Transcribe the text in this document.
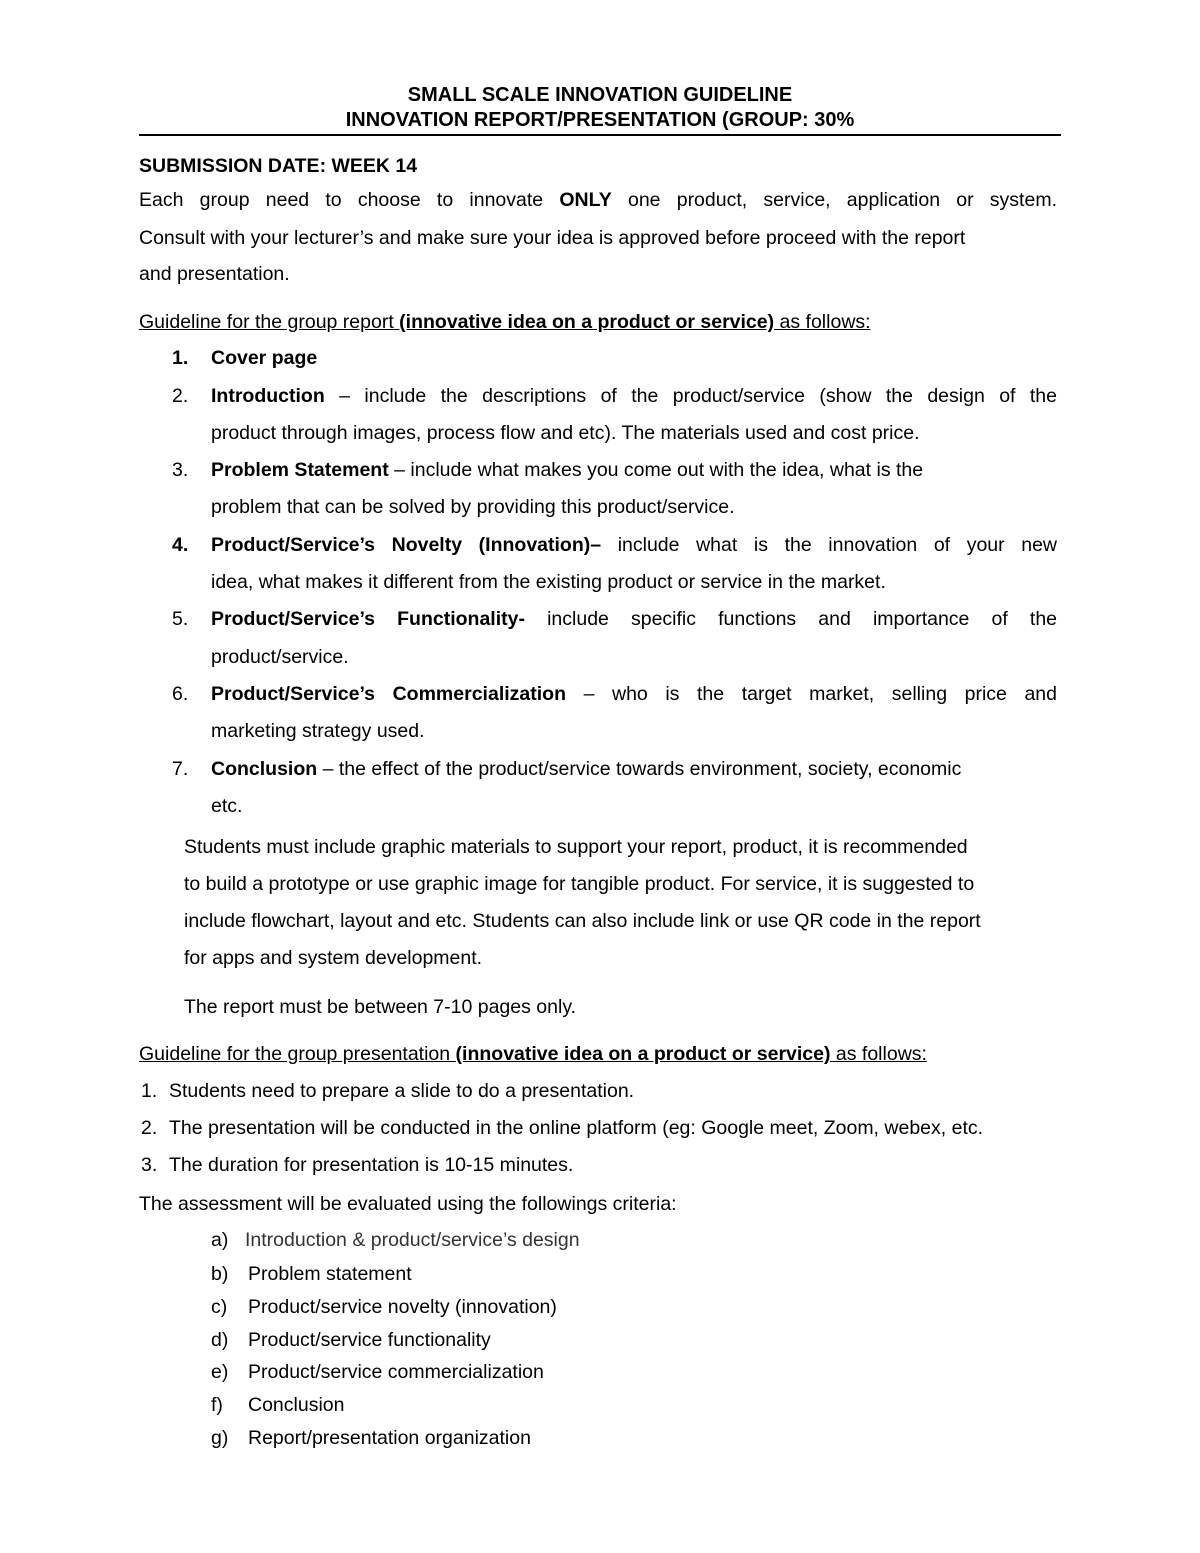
SMALL SCALE INNOVATION GUIDELINE
INNOVATION REPORT/PRESENTATION (GROUP: 30%
SUBMISSION DATE: WEEK 14
Each group need to choose to innovate ONLY one product, service, application or system.
Consult with your lecturer’s and make sure your idea is approved before proceed with the report
and presentation.
Guideline for the group report (innovative idea on a product or service) as follows:
1. Cover page
2. Introduction – include the descriptions of the product/service (show the design of the
product through images, process flow and etc). The materials used and cost price.
3. Problem Statement – include what makes you come out with the idea, what is the
problem that can be solved by providing this product/service.
4. Product/Service’s Novelty (Innovation)– include what is the innovation of your new
idea, what makes it different from the existing product or service in the market.
5. Product/Service’s Functionality- include specific functions and importance of the
product/service.
6. Product/Service’s Commercialization – who is the target market, selling price and
marketing strategy used.
7. Conclusion – the effect of the product/service towards environment, society, economic
etc.
Students must include graphic materials to support your report, product, it is recommended
to build a prototype or use graphic image for tangible product. For service, it is suggested to
include flowchart, layout and etc. Students can also include link or use QR code in the report
for apps and system development.
The report must be between 7-10 pages only.
Guideline for the group presentation (innovative idea on a product or service) as follows:
1. Students need to prepare a slide to do a presentation.
2. The presentation will be conducted in the online platform (eg: Google meet, Zoom, webex, etc.
3. The duration for presentation is 10-15 minutes.
The assessment will be evaluated using the followings criteria:
a) Introduction & product/service’s design
b) Problem statement
c) Product/service novelty (innovation)
d) Product/service functionality
e) Product/service commercialization
f) Conclusion
g) Report/presentation organization
